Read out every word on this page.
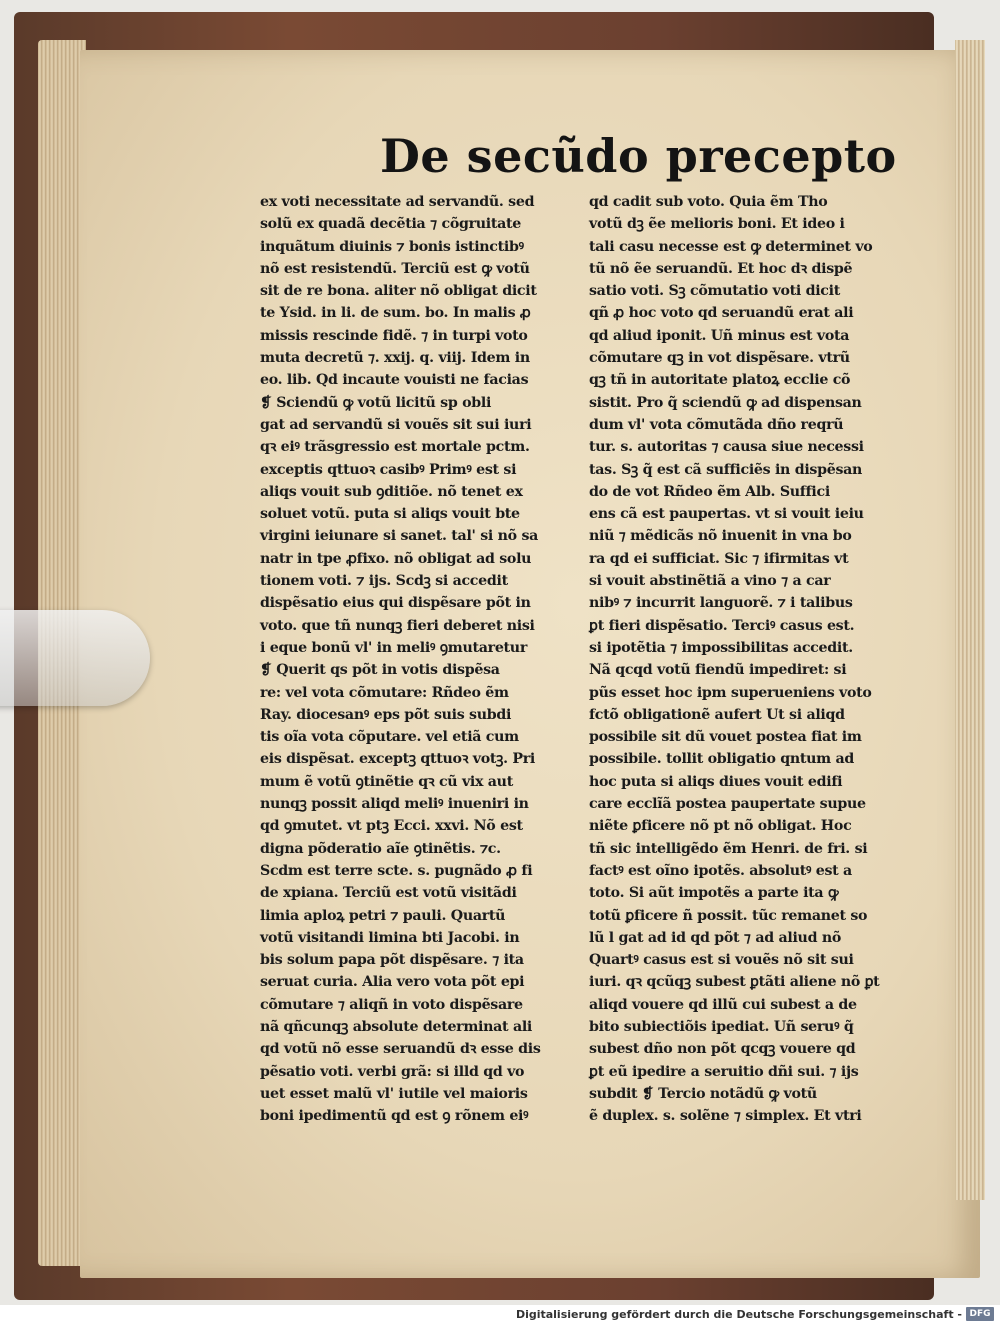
De secũdo precepto
ex voti necessitate ad servandũ. sed
solũ ex quadã decẽtia ⁊ cõgruitate
inquãtum diuinis ⁊ bonis istinctibꝰ
nõ est resistendũ. Terciũ est ꝙ votũ
sit de re bona. aliter nõ obligat dicit
te Ysid. in li. de sum. bo. In malis ꝓ
missis rescinde fidẽ. ⁊ in turpi voto
muta decretũ ⁊. xxij. q. viij. Idem in
eo. lib. Qd incaute vouisti ne facias
❡ Sciendũ ꝙ votũ licitũ sp obli
gat ad servandũ si vouẽs sit sui iuri
qꝛ eiꝰ trãsgressio est mortale pctm.
exceptis qttuoꝛ casibꝰ Primꝰ est si
aliqs vouit sub ꝯditiõe. nõ tenet ex
soluet votũ. puta si aliqs vouit bte
virgini ieiunare si sanet. tal' si nõ sa
natr in tpe ꝓfixo. nõ obligat ad solu
tionem voti. ⁊ ijs. Scdꝫ si accedit
dispẽsatio eius qui dispẽsare põt in
voto. que tñ nunqꝫ fieri deberet nisi
i eque bonũ vl' in meliꝰ ꝯmutaretur
❡ Querit qs põt in votis dispẽsa
re: vel vota cõmutare: Rñdeo ẽm
Ray. diocesanꝰ eps põt suis subdi
tis oĩa vota cõputare. vel etiã cum
eis dispẽsat. exceptꝫ qttuoꝛ votꝫ. Pri
mum ẽ votũ ꝯtinẽtie qꝛ cũ vix aut
nunqꝫ possit aliqd meliꝰ inueniri in
qd ꝯmutet. vt ptꝫ Ecci. xxvi. Nõ est
digna põderatio aĩe ꝯtinẽtis. ⁊c.
Scdm est terre scte. s. pugnãdo ꝓ fi
de xpiana. Terciũ est votũ visitãdi
limia aploꝝ petri ⁊ pauli. Quartũ
votũ visitandi limina bti Jacobi. in
bis solum papa põt dispẽsare. ⁊ ita
seruat curia. Alia vero vota põt epi
cõmutare ⁊ aliqñ in voto dispẽsare
nã qñcunqꝫ absolute determinat ali
qd votũ nõ esse seruandũ dꝛ esse dis
pẽsatio voti. verbi grã: si illd qd vo
uet esset malũ vl' iutile vel maioris
boni ipedimentũ qd est ꝯ rõnem eiꝰ
qd cadit sub voto. Quia ẽm Tho
votũ dꝫ ẽe melioris boni. Et ideo i
tali casu necesse est ꝙ determinet vo
tũ nõ ẽe seruandũ. Et hoc dꝛ dispẽ
satio voti. Sꝫ cõmutatio voti dicit
qñ ꝓ hoc voto qd seruandũ erat ali
qd aliud iponit. Uñ minus est vota
cõmutare qꝫ in vot dispẽsare. vtrũ
qꝫ tñ in autoritate platoꝝ ecclie cõ
sistit. Pro q̃ sciendũ ꝙ ad dispensan
dum vl' vota cõmutãda dño reqrũ
tur. s. autoritas ⁊ causa siue necessi
tas. Sꝫ q̃ est cã sufficiẽs in dispẽsan
do de vot Rñdeo ẽm Alb. Suffici
ens cã est paupertas. vt si vouit ieiu
niũ ⁊ mẽdicãs nõ inuenit in vna bo
ra qd ei sufficiat. Sic ⁊ ifirmitas vt
si vouit abstinẽtiã a vino ⁊ a car
nibꝰ ⁊ incurrit languorẽ. ⁊ i talibus
ꝑt fieri dispẽsatio. Terciꝰ casus est.
si ipotẽtia ⁊ impossibilitas accedit.
Nã qcqd votũ fiendũ impediret: si
pũs esset hoc ipm superueniens voto
fctõ obligationẽ aufert Ut si aliqd
possibile sit dũ vouet postea fiat im
possibile. tollit obligatio qntum ad
hoc puta si aliqs diues vouit edifi
care ecclĩã postea paupertate supue
niẽte ꝑficere nõ pt nõ obligat. Hoc
tñ sic intelligẽdo ẽm Henri. de fri. si
factꝰ est oĩno ipotẽs. absolutꝰ est a
toto. Si aũt impotẽs a parte ita ꝙ
totũ ꝑficere ñ possit. tũc remanet so
lũ l gat ad id qd põt ⁊ ad aliud nõ
Quartꝰ casus est si vouẽs nõ sit sui
iuri. qꝛ qcũqꝫ subest ꝑtãti aliene nõ ꝑt
aliqd vouere qd illũ cui subest a de
bito subiectiõis ipediat. Uñ seruꝰ q̃
subest dño non põt qcqꝫ vouere qd
ꝑt eũ ipedire a seruitio dñi sui. ⁊ ijs
subdit ❡ Tercio notãdũ ꝙ votũ
ẽ duplex. s. solẽne ⁊ simplex. Et vtri
Digitalisierung gefördert durch die Deutsche Forschungsgemeinschaft - DFG
